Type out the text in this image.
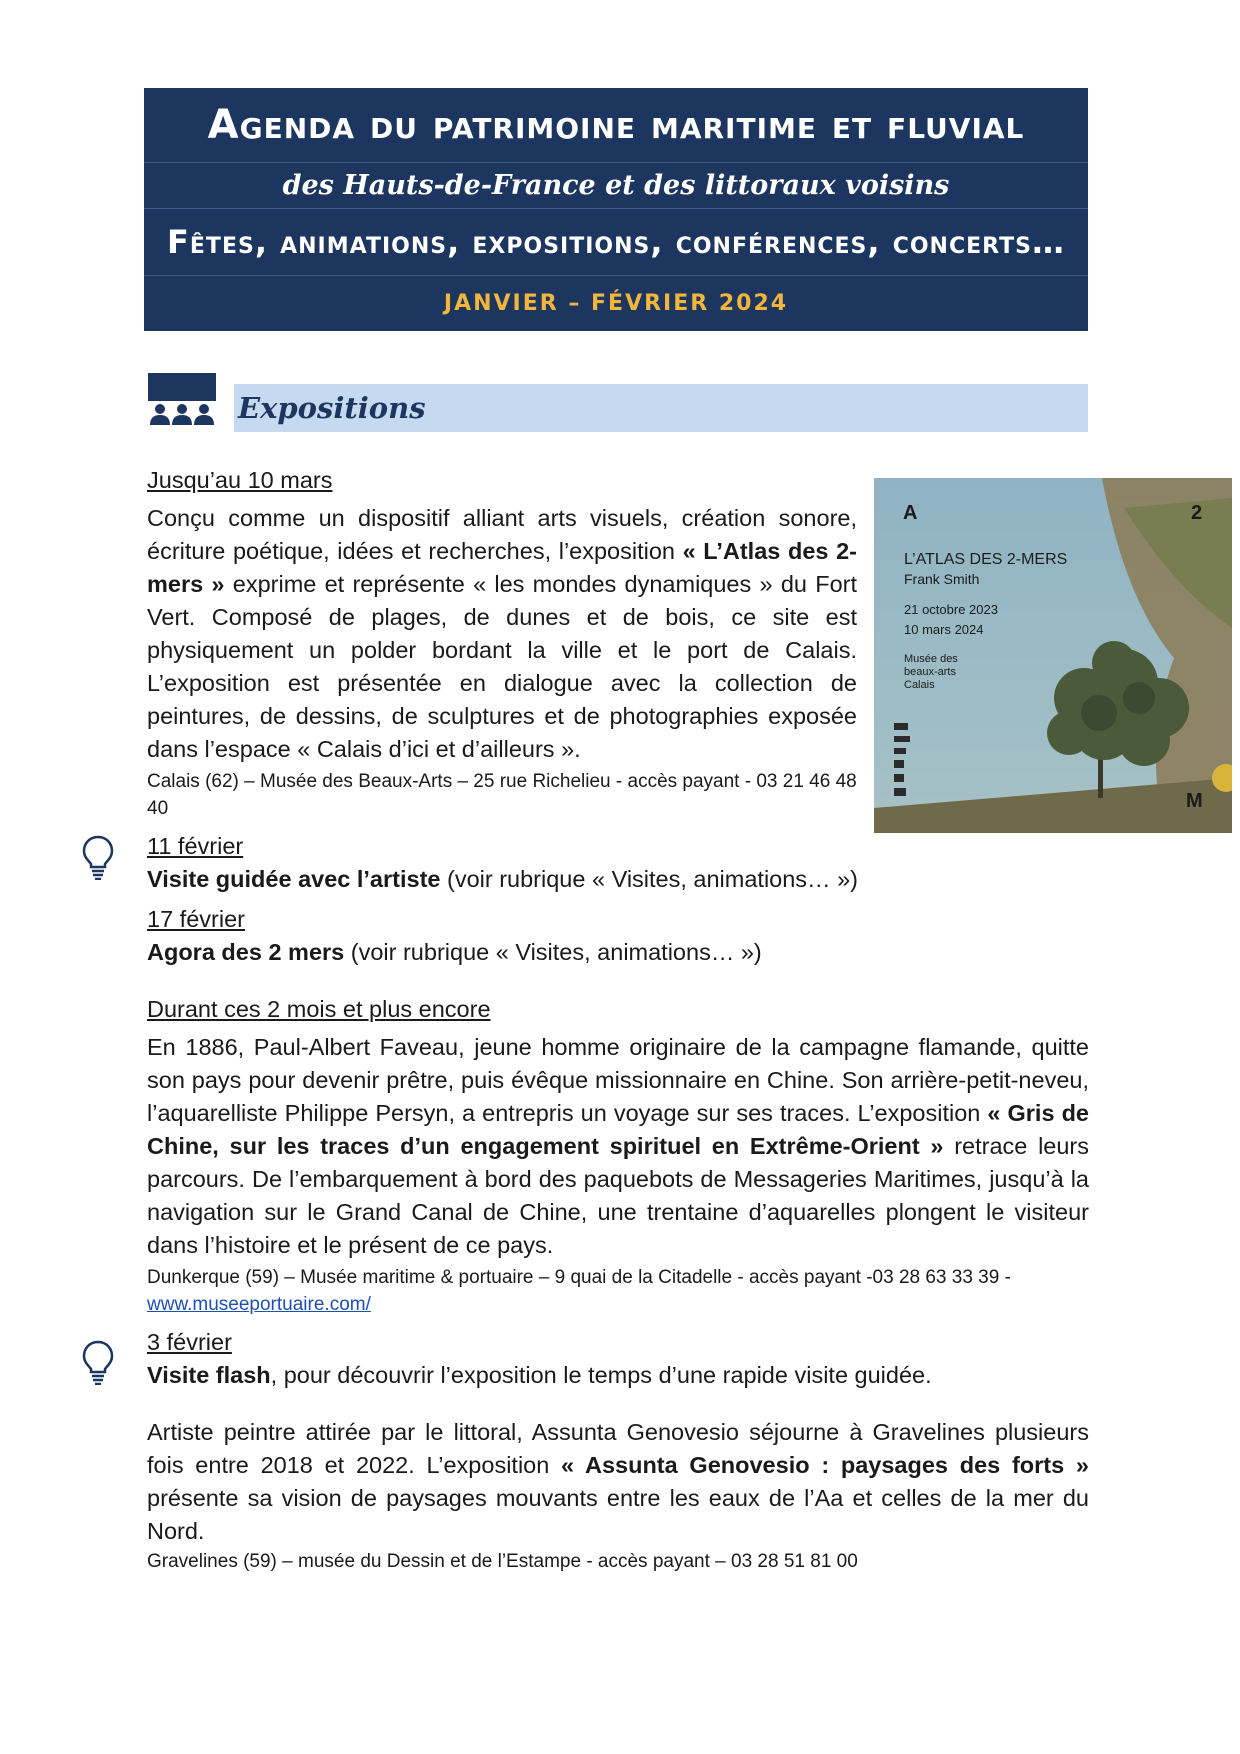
Agenda du patrimoine maritime et fluvial
des Hauts-de-France et des littoraux voisins
Fêtes, animations, expositions, conférences, concerts…
JANVIER – FÉVRIER 2024
Expositions
Jusqu’au 10 mars
Conçu comme un dispositif alliant arts visuels, création sonore, écriture poétique, idées et recherches, l’exposition « L’Atlas des 2-mers » exprime et représente « les mondes dynamiques » du Fort Vert. Composé de plages, de dunes et de bois, ce site est physiquement un polder bordant la ville et le port de Calais. L’exposition est présentée en dialogue avec la collection de peintures, de dessins, de sculptures et de photographies exposée dans l’espace « Calais d’ici et d’ailleurs ».
Calais (62) – Musée des Beaux-Arts – 25 rue Richelieu - accès payant - 03 21 46 48 40
A	2
M
L’ATLAS DES 2-MERS
Frank Smith
21 octobre 2023
10 mars 2024
Musée des
beaux-arts
Calais
11 février
Visite guidée avec l’artiste (voir rubrique « Visites, animations… »)
17 février
Agora des 2 mers (voir rubrique « Visites, animations… »)
Durant ces 2 mois et plus encore
En 1886, Paul-Albert Faveau, jeune homme originaire de la campagne flamande, quitte son pays pour devenir prêtre, puis évêque missionnaire en Chine. Son arrière-petit-neveu, l’aquarelliste Philippe Persyn, a entrepris un voyage sur ses traces. L’exposition « Gris de Chine, sur les traces d’un engagement spirituel en Extrême-Orient » retrace leurs parcours. De l’embarquement à bord des paquebots de Messageries Maritimes, jusqu’à la navigation sur le Grand Canal de Chine, une trentaine d’aquarelles plongent le visiteur dans l’histoire et le présent de ce pays.
Dunkerque (59) – Musée maritime & portuaire – 9 quai de la Citadelle - accès payant -03 28 63 33 39 -
www.museeportuaire.com/
3 février
Visite flash, pour découvrir l’exposition le temps d’une rapide visite guidée.
Artiste peintre attirée par le littoral, Assunta Genovesio séjourne à Gravelines plusieurs fois entre 2018 et 2022. L’exposition « Assunta Genovesio : paysages des forts » présente sa vision de paysages mouvants entre les eaux de l’Aa et celles de la mer du Nord.
Gravelines (59) – musée du Dessin et de l’Estampe - accès payant – 03 28 51 81 00
